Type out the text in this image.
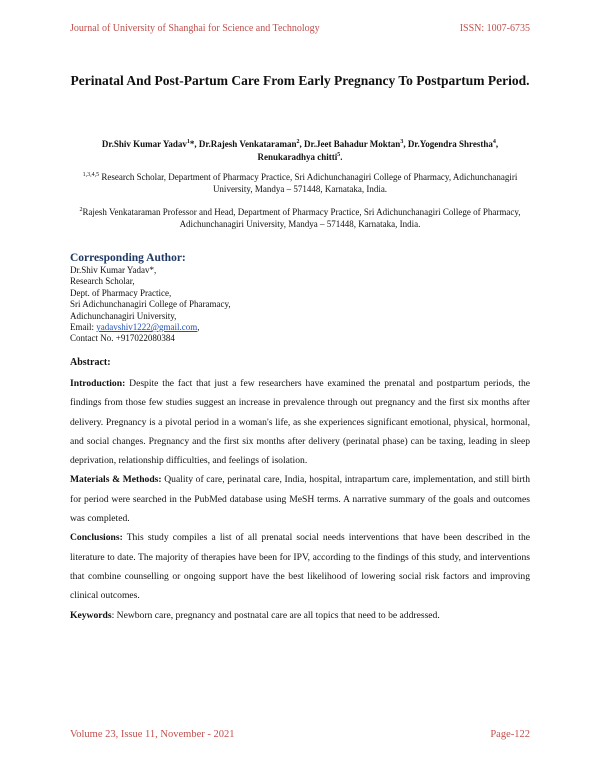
Journal of University of Shanghai for Science and Technology	ISSN: 1007-6735
Perinatal And Post-Partum Care From Early Pregnancy To Postpartum Period.
Dr.Shiv Kumar Yadav$^1$*, Dr.Rajesh Venkataraman$^2$, Dr.Jeet Bahadur Moktan$^3$, Dr.Yogendra Shrestha$^4$,
Renukaradhya chitti$^5$.
$^{1,3,4,5}$ Research Scholar, Department of Pharmacy Practice, Sri Adichunchanagiri College of Pharmacy, Adichunchanagiri University, Mandya – 571448, Karnataka, India.
$^2$Rajesh Venkataraman Professor and Head, Department of Pharmacy Practice, Sri Adichunchanagiri College of Pharmacy, Adichunchanagiri University, Mandya – 571448, Karnataka, India.
Corresponding Author:
Dr.Shiv Kumar Yadav*,
Research Scholar,
Dept. of Pharmacy Practice,
Sri Adichunchanagiri College of Pharamacy,
Adichunchanagiri University,
Email: yadavshiv1222@gmail.com,
Contact No. +917022080384
Abstract:

Introduction: Despite the fact that just a few researchers have examined the prenatal and postpartum periods, the findings from those few studies suggest an increase in prevalence through out pregnancy and the first six months after delivery. Pregnancy is a pivotal period in a woman's life, as she experiences significant emotional, physical, hormonal, and social changes. Pregnancy and the first six months after delivery (perinatal phase) can be taxing, leading in sleep deprivation, relationship difficulties, and feelings of isolation.

Materials & Methods: Quality of care, perinatal care, India, hospital, intrapartum care, implementation, and still birth for period were searched in the PubMed database using MeSH terms. A narrative summary of the goals and outcomes was completed.

Conclusions: This study compiles a list of all prenatal social needs interventions that have been described in the literature to date. The majority of therapies have been for IPV, according to the findings of this study, and interventions that combine counselling or ongoing support have the best likelihood of lowering social risk factors and improving clinical outcomes.

Keywords: Newborn care, pregnancy and postnatal care are all topics that need to be addressed.

Volume 23, Issue 11, November - 2021	Page-122
